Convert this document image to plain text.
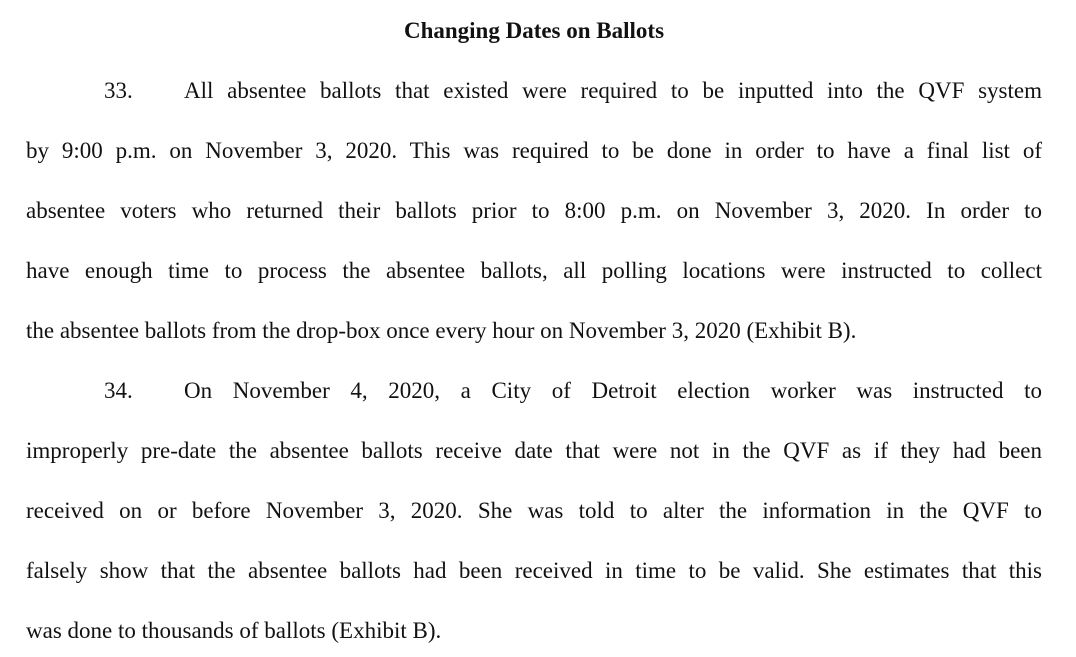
Changing Dates on Ballots
33. All absentee ballots that existed were required to be inputted into the QVF system
by 9:00 p.m. on November 3, 2020. This was required to be done in order to have a final list of
absentee voters who returned their ballots prior to 8:00 p.m. on November 3, 2020. In order to
have enough time to process the absentee ballots, all polling locations were instructed to collect
the absentee ballots from the drop-box once every hour on November 3, 2020 (Exhibit B).
34. On November 4, 2020, a City of Detroit election worker was instructed to
improperly pre-date the absentee ballots receive date that were not in the QVF as if they had been
received on or before November 3, 2020. She was told to alter the information in the QVF to
falsely show that the absentee ballots had been received in time to be valid. She estimates that this
was done to thousands of ballots (Exhibit B).
